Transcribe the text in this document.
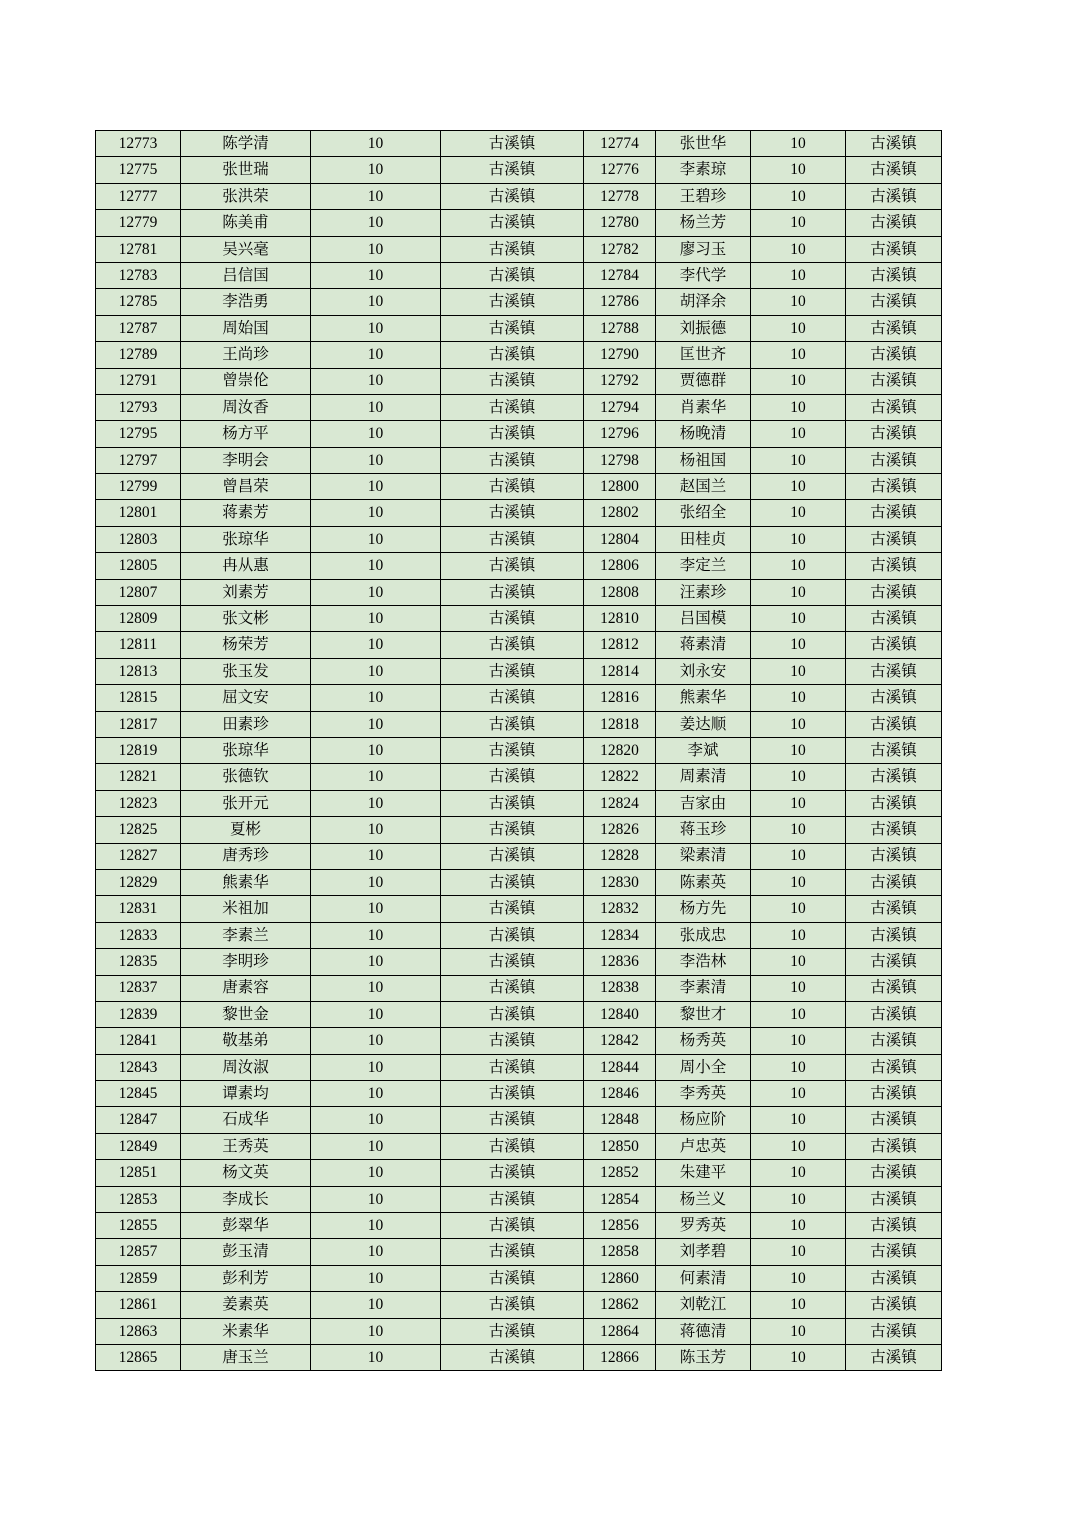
12773	陈学清	10	古溪镇	12774	张世华	10	古溪镇
12775	张世瑞	10	古溪镇	12776	李素琼	10	古溪镇
12777	张洪荣	10	古溪镇	12778	王碧珍	10	古溪镇
12779	陈美甫	10	古溪镇	12780	杨兰芳	10	古溪镇
12781	吴兴毫	10	古溪镇	12782	廖习玉	10	古溪镇
12783	吕信国	10	古溪镇	12784	李代学	10	古溪镇
12785	李浩勇	10	古溪镇	12786	胡泽余	10	古溪镇
12787	周始国	10	古溪镇	12788	刘振德	10	古溪镇
12789	王尚珍	10	古溪镇	12790	匡世齐	10	古溪镇
12791	曾崇伦	10	古溪镇	12792	贾德群	10	古溪镇
12793	周汝香	10	古溪镇	12794	肖素华	10	古溪镇
12795	杨方平	10	古溪镇	12796	杨晚清	10	古溪镇
12797	李明会	10	古溪镇	12798	杨祖国	10	古溪镇
12799	曾昌荣	10	古溪镇	12800	赵国兰	10	古溪镇
12801	蒋素芳	10	古溪镇	12802	张绍全	10	古溪镇
12803	张琼华	10	古溪镇	12804	田桂贞	10	古溪镇
12805	冉从惠	10	古溪镇	12806	李定兰	10	古溪镇
12807	刘素芳	10	古溪镇	12808	汪素珍	10	古溪镇
12809	张文彬	10	古溪镇	12810	吕国模	10	古溪镇
12811	杨荣芳	10	古溪镇	12812	蒋素清	10	古溪镇
12813	张玉发	10	古溪镇	12814	刘永安	10	古溪镇
12815	屈文安	10	古溪镇	12816	熊素华	10	古溪镇
12817	田素珍	10	古溪镇	12818	姜达顺	10	古溪镇
12819	张琼华	10	古溪镇	12820	李斌	10	古溪镇
12821	张德钦	10	古溪镇	12822	周素清	10	古溪镇
12823	张开元	10	古溪镇	12824	吉家由	10	古溪镇
12825	夏彬	10	古溪镇	12826	蒋玉珍	10	古溪镇
12827	唐秀珍	10	古溪镇	12828	梁素清	10	古溪镇
12829	熊素华	10	古溪镇	12830	陈素英	10	古溪镇
12831	米祖加	10	古溪镇	12832	杨方先	10	古溪镇
12833	李素兰	10	古溪镇	12834	张成忠	10	古溪镇
12835	李明珍	10	古溪镇	12836	李浩林	10	古溪镇
12837	唐素容	10	古溪镇	12838	李素清	10	古溪镇
12839	黎世金	10	古溪镇	12840	黎世才	10	古溪镇
12841	敬基弟	10	古溪镇	12842	杨秀英	10	古溪镇
12843	周汝淑	10	古溪镇	12844	周小全	10	古溪镇
12845	谭素均	10	古溪镇	12846	李秀英	10	古溪镇
12847	石成华	10	古溪镇	12848	杨应阶	10	古溪镇
12849	王秀英	10	古溪镇	12850	卢忠英	10	古溪镇
12851	杨文英	10	古溪镇	12852	朱建平	10	古溪镇
12853	李成长	10	古溪镇	12854	杨兰义	10	古溪镇
12855	彭翠华	10	古溪镇	12856	罗秀英	10	古溪镇
12857	彭玉清	10	古溪镇	12858	刘孝碧	10	古溪镇
12859	彭利芳	10	古溪镇	12860	何素清	10	古溪镇
12861	姜素英	10	古溪镇	12862	刘乾江	10	古溪镇
12863	米素华	10	古溪镇	12864	蒋德清	10	古溪镇
12865	唐玉兰	10	古溪镇	12866	陈玉芳	10	古溪镇
